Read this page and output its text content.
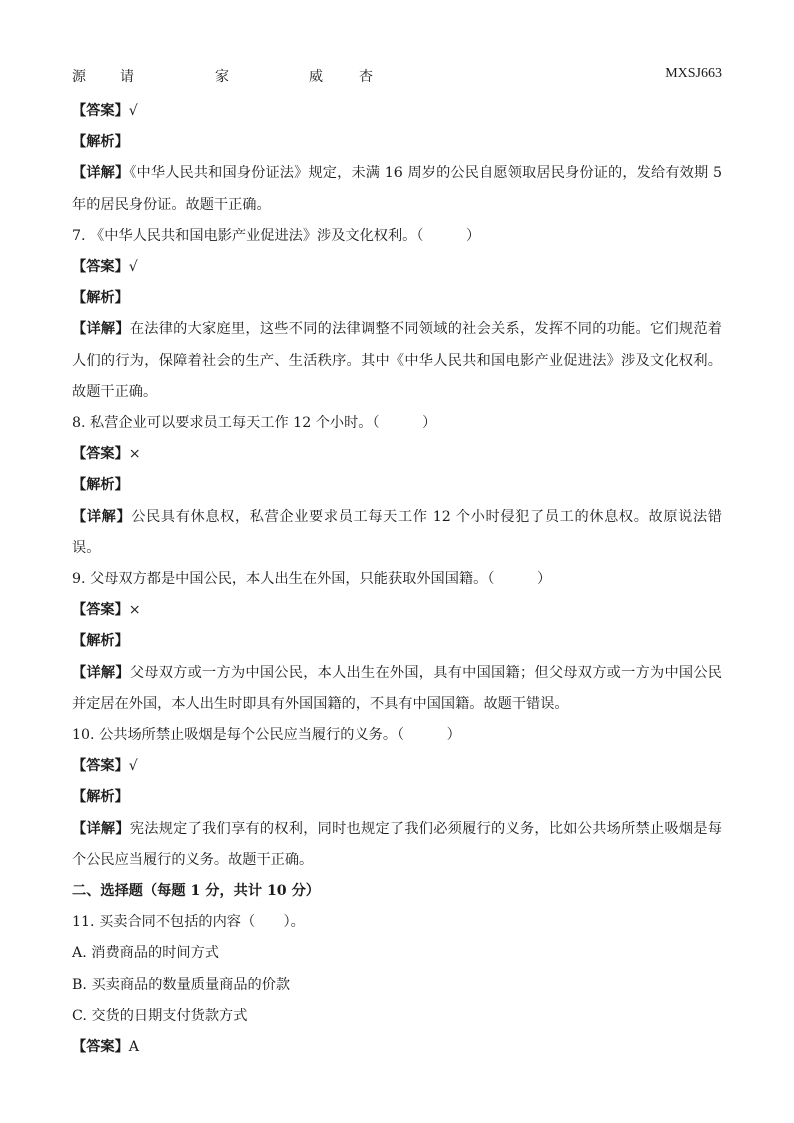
源 请	家	威	杏	MXSJ663
【答案】√
【解析】
【详解】《中华人民共和国身份证法》规定，未满 16 周岁的公民自愿领取居民身份证的，发给有效期 5 年的居民身份证。故题干正确。
7. 《中华人民共和国电影产业促进法》涉及文化权利。（　　　）
【答案】√
【解析】
【详解】在法律的大家庭里，这些不同的法律调整不同领域的社会关系，发挥不同的功能。它们规范着人们的行为，保障着社会的生产、生活秩序。其中《中华人民共和国电影产业促进法》涉及文化权利。故题干正确。
8. 私营企业可以要求员工每天工作 12 个小时。（　　　）
【答案】×
【解析】
【详解】公民具有休息权，私营企业要求员工每天工作 12 个小时侵犯了员工的休息权。故原说法错误。
9. 父母双方都是中国公民，本人出生在外国，只能获取外国国籍。（　　　）
【答案】×
【解析】
【详解】父母双方或一方为中国公民，本人出生在外国，具有中国国籍；但父母双方或一方为中国公民并定居在外国，本人出生时即具有外国国籍的，不具有中国国籍。故题干错误。
10. 公共场所禁止吸烟是每个公民应当履行的义务。（　　　）
【答案】√
【解析】
【详解】宪法规定了我们享有的权利，同时也规定了我们必须履行的义务，比如公共场所禁止吸烟是每个公民应当履行的义务。故题干正确。
二、选择题（每题 1 分，共计 10 分）
11. 买卖合同不包括的内容（　　）。
A. 消费商品的时间方式
B. 买卖商品的数量质量商品的价款
C. 交货的日期支付货款方式
【答案】A
